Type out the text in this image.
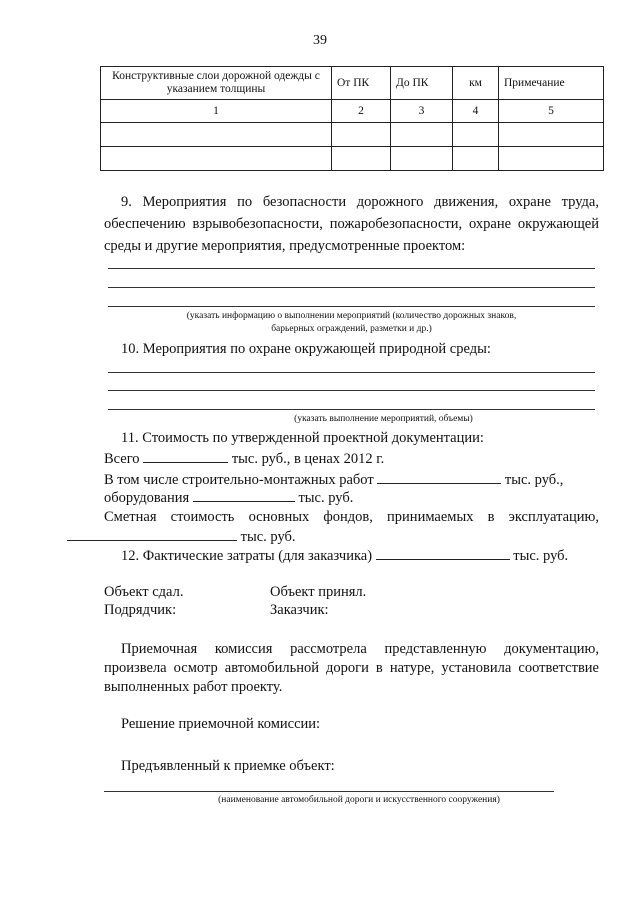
39
Конструктивные слои дорожной одежды с указанием толщины	От ПК	До ПК	км	Примечание
1	2	3	4	5

9. Мероприятия по безопасности дорожного движения, охране труда,
обеспечению взрывобезопасности, пожаробезопасности, охране окружающей
среды и другие мероприятия, предусмотренные проектом:
(указать информацию о выполнении мероприятий (количество дорожных знаков,
барьерных ограждений, разметки и др.)
10. Мероприятия по охране окружающей природной среды:
(указать выполнение мероприятий, объемы)
11. Стоимость по утвержденной проектной документации:
Всего	тыс. руб., в ценах 2012 г.
В том числе строительно-монтажных работ	тыс. руб.,
оборудования	тыс. руб.
Сметная стоимость основных фондов, принимаемых в эксплуатацию,
тыс. руб.
12. Фактические затраты (для заказчика)	тыс. руб.
Объект сдал.	Объект принял.
Подрядчик:	Заказчик:
Приемочная комиссия рассмотрела представленную документацию,
произвела осмотр автомобильной дороги в натуре, установила соответствие
выполненных работ проекту.
Решение приемочной комиссии:
Предъявленный к приемке объект:
(наименование автомобильной дороги и искусственного сооружения)
